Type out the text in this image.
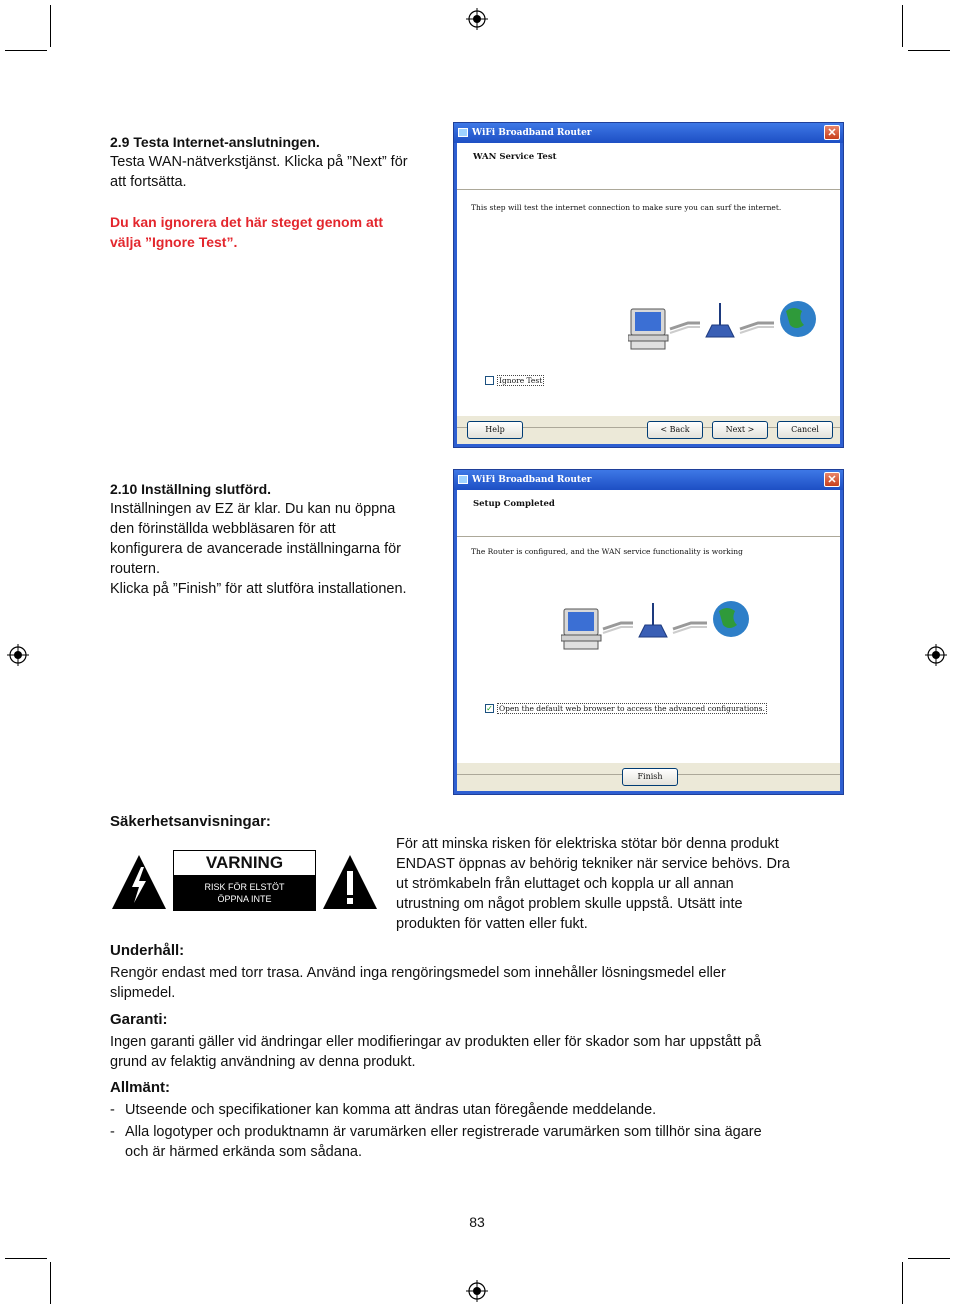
2.9 Testa Internet-anslutningen.
Testa WAN-nätverkstjänst. Klicka på ”Next” för
att fortsätta.
Du kan ignorera det här steget genom att
välja ”Ignore Test”.
WiFi Broadband Router	✕
WAN Service Test
This step will test the internet connection to make sure you can surf the internet.
Ignore Test
Help	< Back	Next >	Cancel
2.10 Inställning slutförd.
Inställningen av EZ är klar. Du kan nu öppna
den förinställda webbläsaren för att
konfigurera de avancerade inställningarna för
routern.
Klicka på ”Finish” för att slutföra installationen.
WiFi Broadband Router	✕
Setup Completed
The Router is configured, and the WAN service functionality is working
✓ Open the default web browser to access the advanced configurations.
Finish
Säkerhetsanvisningar:
VARNING
RISK FÖR ELSTÖT
ÖPPNA INTE
För att minska risken för elektriska stötar bör denna produkt
ENDAST öppnas av behörig tekniker när service behövs. Dra
ut strömkabeln från eluttaget och koppla ur all annan
utrustning om något problem skulle uppstå. Utsätt inte
produkten för vatten eller fukt.
Underhåll:
Rengör endast med torr trasa. Använd inga rengöringsmedel som innehåller lösningsmedel eller
slipmedel.
Garanti:
Ingen garanti gäller vid ändringar eller modifieringar av produkten eller för skador som har uppstått på
grund av felaktig användning av denna produkt.
Allmänt:
- Utseende och specifikationer kan komma att ändras utan föregående meddelande.
- Alla logotyper och produktnamn är varumärken eller registrerade varumärken som tillhör sina ägare
och är härmed erkända som sådana.
83
